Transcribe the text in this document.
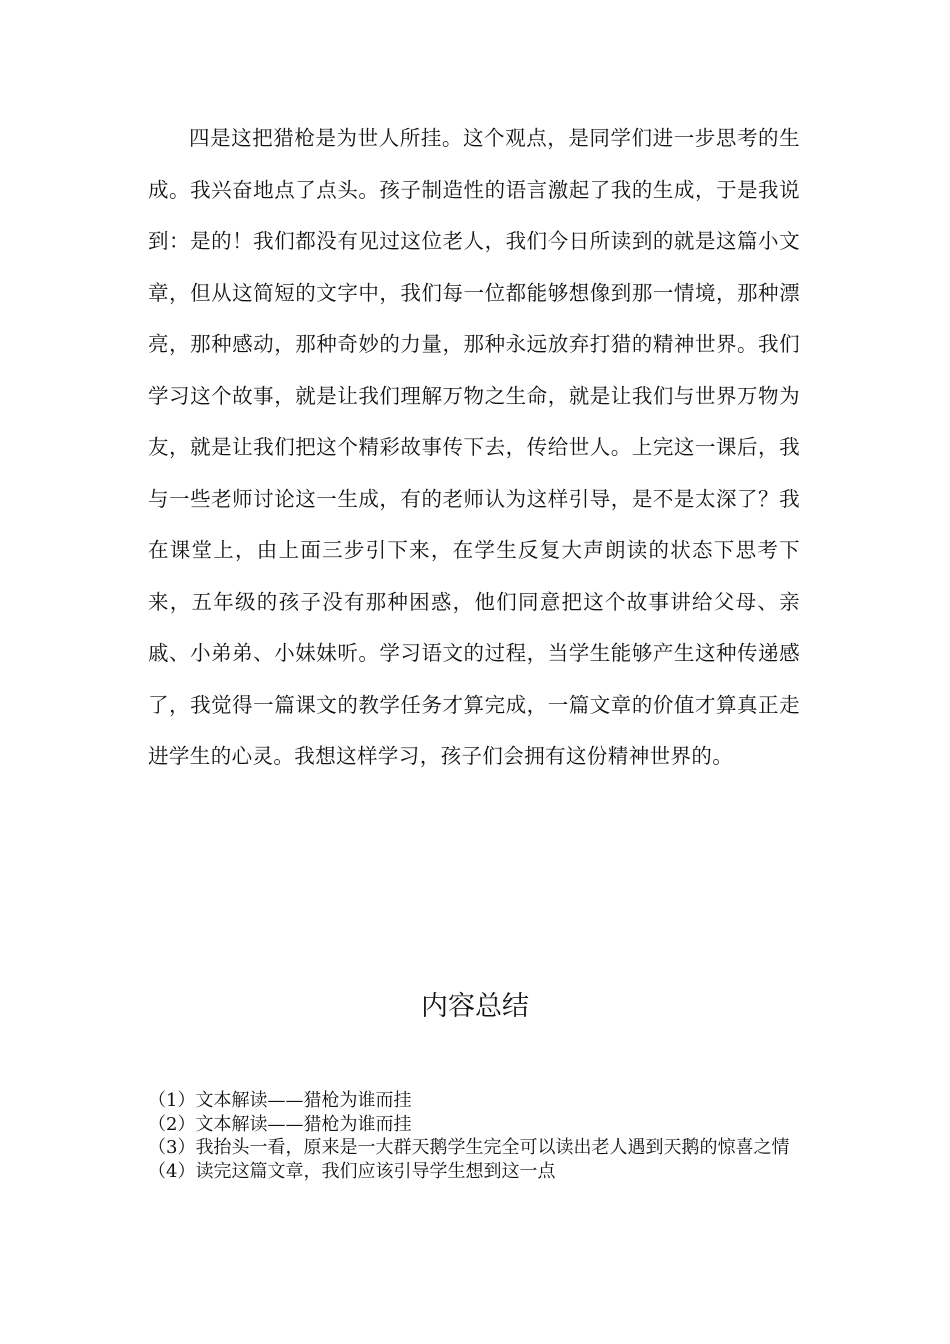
四是这把猎枪是为世人所挂。这个观点，是同学们进一步思考的生成。我兴奋地点了点头。孩子制造性的语言激起了我的生成，于是我说到：是的！我们都没有见过这位老人，我们今日所读到的就是这篇小文章，但从这简短的文字中，我们每一位都能够想像到那一情境，那种漂亮，那种感动，那种奇妙的力量，那种永远放弃打猎的精神世界。我们学习这个故事，就是让我们理解万物之生命，就是让我们与世界万物为友，就是让我们把这个精彩故事传下去，传给世人。上完这一课后，我与一些老师讨论这一生成，有的老师认为这样引导，是不是太深了？我在课堂上，由上面三步引下来，在学生反复大声朗读的状态下思考下来，五年级的孩子没有那种困惑，他们同意把这个故事讲给父母、亲戚、小弟弟、小妹妹听。学习语文的过程，当学生能够产生这种传递感了，我觉得一篇课文的教学任务才算完成，一篇文章的价值才算真正走进学生的心灵。我想这样学习，孩子们会拥有这份精神世界的。

内容总结
（1）文本解读——猎枪为谁而挂
（2）文本解读——猎枪为谁而挂
（3）我抬头一看，原来是一大群天鹅学生完全可以读出老人遇到天鹅的惊喜之情
（4）读完这篇文章，我们应该引导学生想到这一点
